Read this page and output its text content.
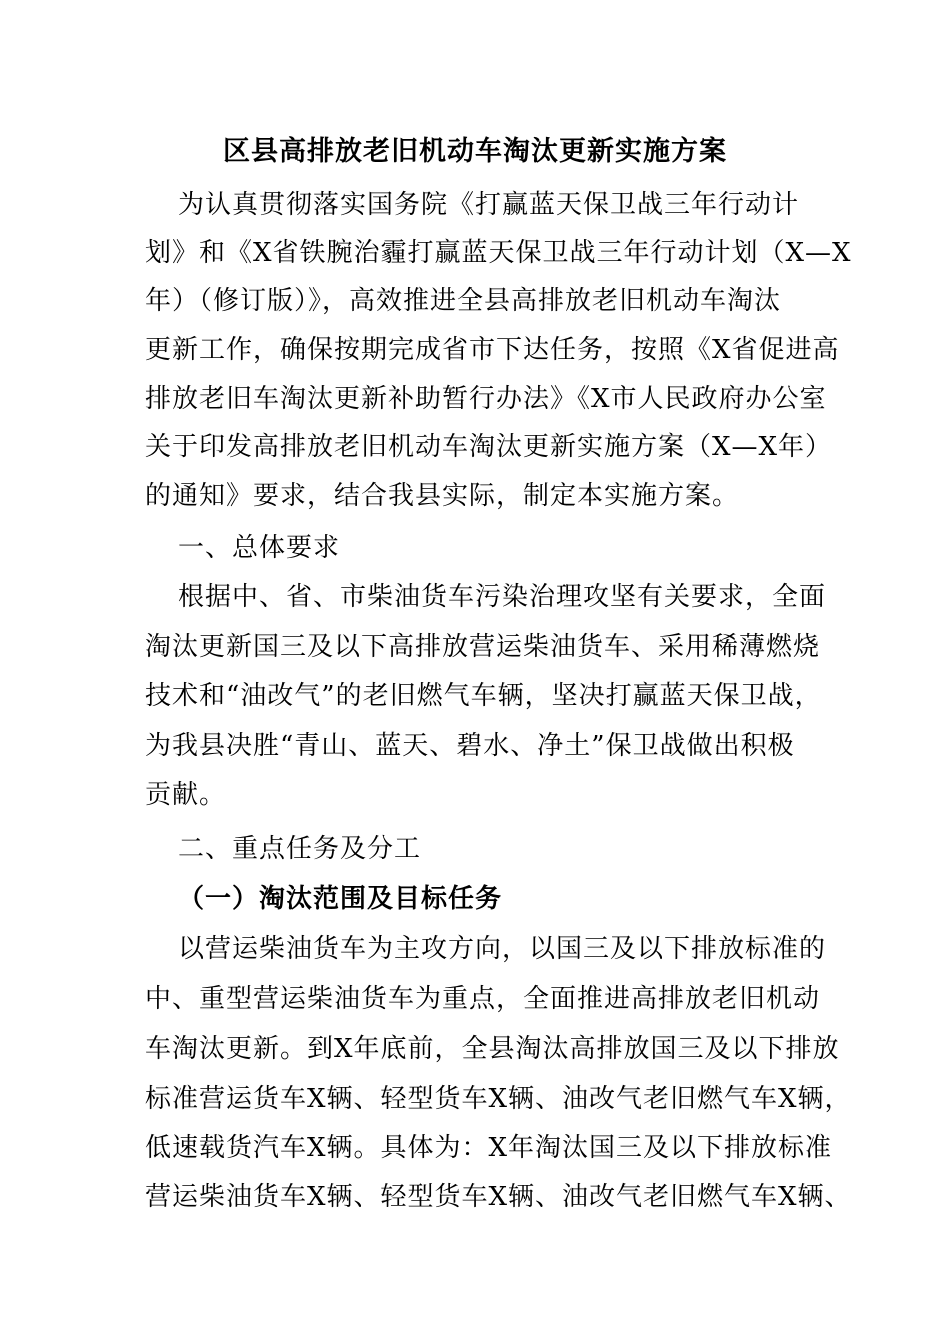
区县高排放老旧机动车淘汰更新实施方案
为认真贯彻落实国务院《打赢蓝天保卫战三年行动计
划》和《X省铁腕治霾打赢蓝天保卫战三年行动计划（X—X
年）（修订版）》，高效推进全县高排放老旧机动车淘汰
更新工作，确保按期完成省市下达任务，按照《X省促进高
排放老旧车淘汰更新补助暂行办法》《X市人民政府办公室
关于印发高排放老旧机动车淘汰更新实施方案（X—X年）
的通知》要求，结合我县实际，制定本实施方案。
一、总体要求
根据中、省、市柴油货车污染治理攻坚有关要求，全面
淘汰更新国三及以下高排放营运柴油货车、采用稀薄燃烧
技术和“油改气”的老旧燃气车辆，坚决打赢蓝天保卫战，
为我县决胜“青山、蓝天、碧水、净土”保卫战做出积极
贡献。
二、重点任务及分工
（一）淘汰范围及目标任务
以营运柴油货车为主攻方向，以国三及以下排放标准的
中、重型营运柴油货车为重点，全面推进高排放老旧机动
车淘汰更新。到X年底前，全县淘汰高排放国三及以下排放
标准营运货车X辆、轻型货车X辆、油改气老旧燃气车X辆，
低速载货汽车X辆。具体为：X年淘汰国三及以下排放标准
营运柴油货车X辆、轻型货车X辆、油改气老旧燃气车X辆、
